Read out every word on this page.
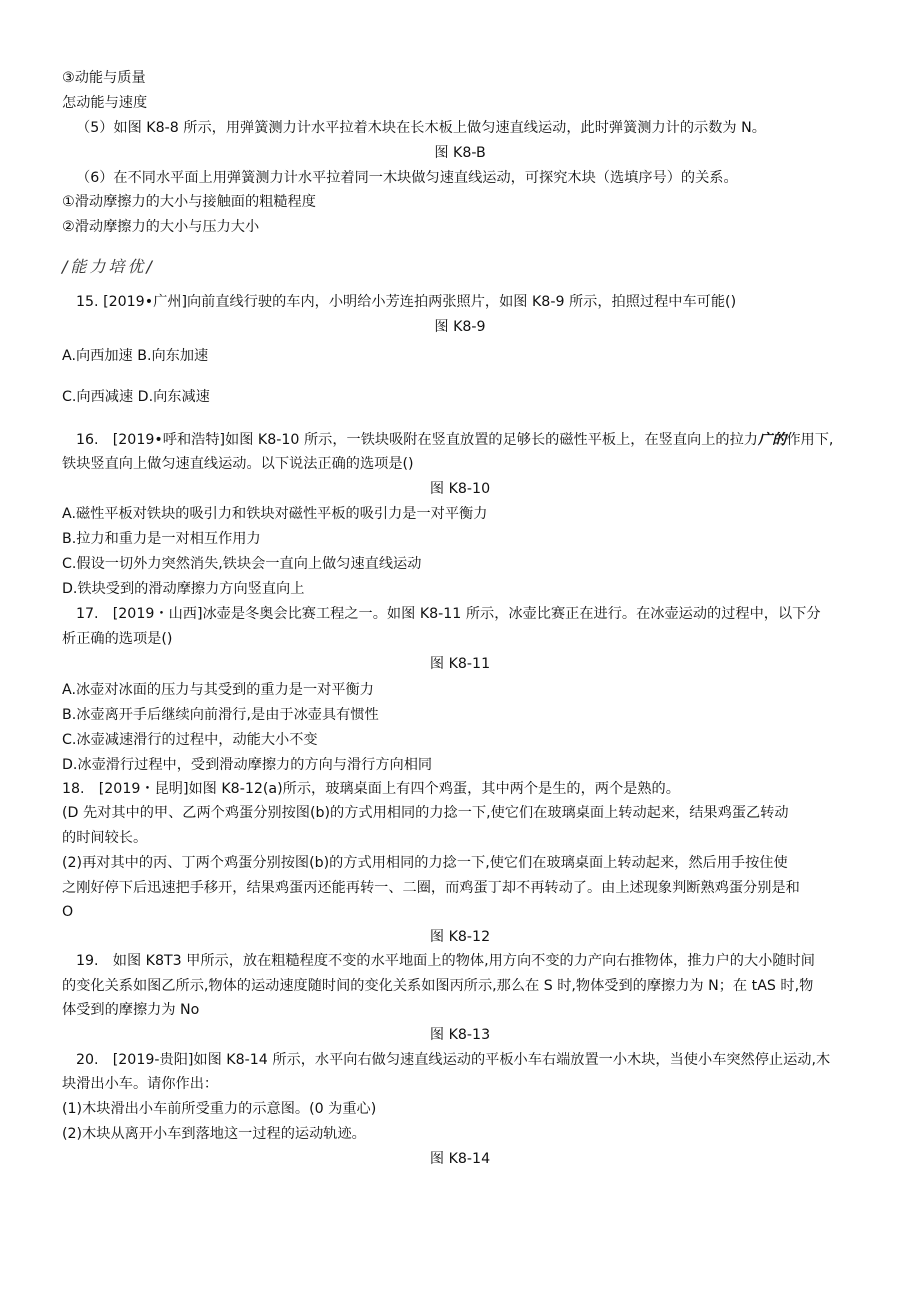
③动能与质量
怎动能与速度
（5）如图 K8-8 所示，用弹簧测力计水平拉着木块在长木板上做匀速直线运动，此时弹簧测力计的示数为 N。
图 K8-B
（6）在不同水平面上用弹簧测力计水平拉着同一木块做匀速直线运动，可探究木块（选填序号）的关系。
①滑动摩擦力的大小与接触面的粗糙程度
②滑动摩擦力的大小与压力大小
/能力培优/
15. [2019•广州]向前直线行驶的车内，小明给小芳连拍两张照片，如图 K8-9 所示，拍照过程中车可能()
图 K8-9
A.向西加速 B.向东加速
C.向西减速 D.向东减速
16.　[2019•呼和浩特]如图 K8-10 所示，一铁块吸附在竖直放置的足够长的磁性平板上，在竖直向上的拉力广的作用下,
铁块竖直向上做匀速直线运动。以下说法正确的选项是()
图 K8-10
A.磁性平板对铁块的吸引力和铁块对磁性平板的吸引力是一对平衡力
B.拉力和重力是一对相互作用力
C.假设一切外力突然消失,铁块会一直向上做匀速直线运动
D.铁块受到的滑动摩擦力方向竖直向上
17.　[2019・山西]冰壶是冬奥会比赛工程之一。如图 K8-11 所示，冰壶比赛正在进行。在冰壶运动的过程中，以下分
析正确的选项是()
图 K8-11
A.冰壶对冰面的压力与其受到的重力是一对平衡力
B.冰壶离开手后继续向前滑行,是由于冰壶具有惯性
C.冰壶减速滑行的过程中，动能大小不变
D.冰壶滑行过程中，受到滑动摩擦力的方向与滑行方向相同
18.　[2019・昆明]如图 K8-12(a)所示，玻璃桌面上有四个鸡蛋，其中两个是生的，两个是熟的。
(D 先对其中的甲、乙两个鸡蛋分别按图(b)的方式用相同的力捻一下,使它们在玻璃桌面上转动起来，结果鸡蛋乙转动
的时间较长。
(2)再对其中的丙、丁两个鸡蛋分别按图(b)的方式用相同的力捻一下,使它们在玻璃桌面上转动起来，然后用手按住使
之刚好停下后迅速把手移开，结果鸡蛋丙还能再转一、二圈，而鸡蛋丁却不再转动了。由上述现象判断熟鸡蛋分别是和
O
图 K8-12
19.　如图 K8T3 甲所示，放在粗糙程度不变的水平地面上的物体,用方向不变的力产向右推物体，推力户的大小随时间
的变化关系如图乙所示,物体的运动速度随时间的变化关系如图丙所示,那么在 S 时,物体受到的摩擦力为 N；在 tAS 时,物
体受到的摩擦力为 No
图 K8-13
20.　[2019-贵阳]如图 K8-14 所示，水平向右做匀速直线运动的平板小车右端放置一小木块，当使小车突然停止运动,木
块滑出小车。请你作出：
(1)木块滑出小车前所受重力的示意图。(0 为重心)
(2)木块从离开小车到落地这一过程的运动轨迹。
图 K8-14
